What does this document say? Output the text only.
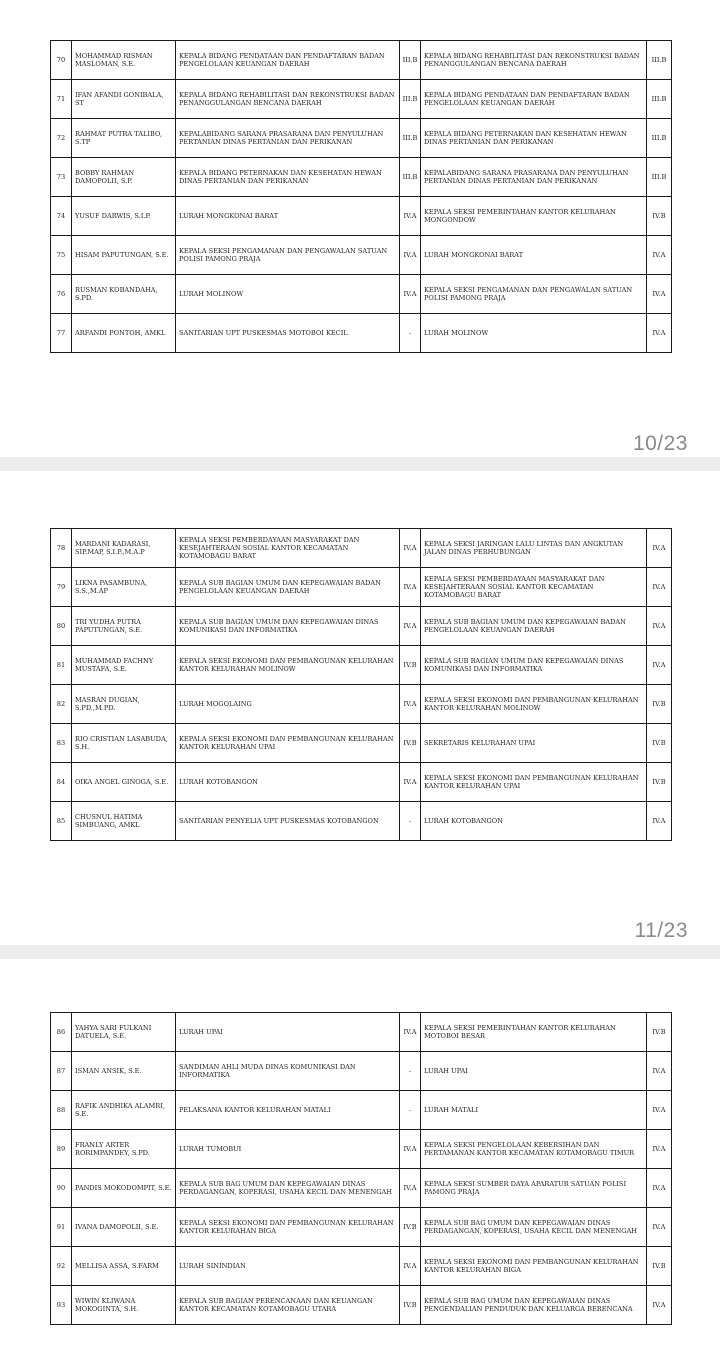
70	MOHAMMAD RISMAN MASLOMAN, S.E.	KEPALA BIDANG PENDATAAN DAN PENDAFTARAN BADAN PENGELOLAAN KEUANGAN DAERAH	III.B	KEPALA BIDANG REHABILITASI DAN REKONSTRUKSI BADAN PENANGGULANGAN BENCANA DAERAH	III.B
71	IFAN AFANDI GONIBALA, ST	KEPALA BIDANG REHABILITASI DAN REKONSTRUKSI BADAN PENANGGULANGAN BENCANA DAERAH	III.B	KEPALA BIDANG PENDATAAN DAN PENDAFTARAN BADAN PENGELOLAAN KEUANGAN DAERAH	III.B
72	RAHMAT PUTRA TALIBO, S.TP	KEPALABIDANG SARANA PRASARANA DAN PENYULUHAN PERTANIAN DINAS PERTANIAN DAN PERIKANAN	III.B	KEPALA BIDANG PETERNAKAN DAN KESEHATAN HEWAN DINAS PERTANIAN DAN PERIKANAN	III.B
73	BOBBY RAHMAN DAMOPOLII, S.P.	KEPALA BIDANG PETERNAKAN DAN KESEHATAN HEWAN DINAS PERTANIAN DAN PERIKANAN	III.B	KEPALABIDANG SARANA PRASARANA DAN PENYULUHAN PERTANIAN DINAS PERTANIAN DAN PERIKANAN	III.B
74	YUSUF DARWIS, S.I.P.	LURAH MONGKONAI BARAT	IV.A	KEPALA SEKSI PEMERINTAHAN KANTOR KELURAHAN MONGONDOW	IV.B
75	HISAM PAPUTUNGAN, S.E.	KEPALA SEKSI PENGAMANAN DAN PENGAWALAN SATUAN POLISI PAMONG PRAJA	IV.A	LURAH MONGKONAI BARAT	IV.A
76	RUSMAN KOBANDAHA, S.PD.	LURAH MOLINOW	IV.A	KEPALA SEKSI PENGAMANAN DAN PENGAWALAN SATUAN POLISI PAMONG PRAJA	IV.A
77	ARFANDI PONTOH, AMKL	SANITARIAN UPT PUSKESMAS MOTOBOI KECIL	-	LURAH MOLINOW	IV.A
10/23
78	MARDANI KADARASI, SIP.MAP, S.I.P.,M.A.P	KEPALA SEKSI PEMBERDAYAAN MASYARAKAT DAN KESEJAHTERAAN SOSIAL KANTOR KECAMATAN KOTAMOBAGU BARAT	IV.A	KEPALA SEKSI JARINGAN LALU LINTAS DAN ANGKUTAN JALAN DINAS PERHUBUNGAN	IV.A
79	LIKNA PASAMBUNA, S.S.,M.AP	KEPALA SUB BAGIAN UMUM DAN KEPEGAWAIAN BADAN PENGELOLAAN KEUANGAN DAERAH	IV.A	KEPALA SEKSI PEMBERDAYAAN MASYARAKAT DAN KESEJAHTERAAN SOSIAL KANTOR KECAMATAN KOTAMOBAGU BARAT	IV.A
80	TRI YUDHA PUTRA PAPUTUNGAN, S.E.	KEPALA SUB BAGIAN UMUM DAN KEPEGAWAIAN DINAS KOMUNIKASI DAN INFORMATIKA	IV.A	KEPALA SUB BAGIAN UMUM DAN KEPEGAWAIAN BADAN PENGELOLAAN KEUANGAN DAERAH	IV.A
81	MUHAMMAD FACHNY MUSTAFA, S.E.	KEPALA SEKSI EKONOMI DAN PEMBANGUNAN KELURAHAN KANTOR KELURAHAN MOLINOW	IV.B	KEPALA SUB BAGIAN UMUM DAN KEPEGAWAIAN DINAS KOMUNIKASI DAN INFORMATIKA	IV.A
82	MASRAN DUGIAN, S.PD.,M.PD.	LURAH MOGOLAING	IV.A	KEPALA SEKSI EKONOMI DAN PEMBANGUNAN KELURAHAN KANTOR KELURAHAN MOLINOW	IV.B
83	RIO CRISTIAN LASABUDA, S.H.	KEPALA SEKSI EKONOMI DAN PEMBANGUNAN KELURAHAN KANTOR KELURAHAN UPAI	IV.B	SEKRETARIS KELURAHAN UPAI	IV.B
84	OIKA ANGEL GINOGA, S.E.	LURAH KOTOBANGON	IV.A	KEPALA SEKSI EKONOMI DAN PEMBANGUNAN KELURAHAN KANTOR KELURAHAN UPAI	IV.B
85	CHUSNUL HATIMA SIMBUANG, AMKL	SANITARIAN PENYELIA UPT PUSKESMAS KOTOBANGON	-	LURAH KOTOBANGON	IV.A
11/23
86	YAHYA SARI FULKANI DATUELA, S.E.	LURAH UPAI	IV.A	KEPALA SEKSI PEMERINTAHAN KANTOR KELURAHAN MOTOBOI BESAR	IV.B
87	ISMAN ANSIK, S.E.	SANDIMAN AHLI MUDA DINAS KOMUNIKASI DAN INFORMATIKA	-	LURAH UPAI	IV.A
88	RAFIK ANDHIKA ALAMRI, S.E.	PELAKSANA KANTOR KELURAHAN MATALI	-	LURAH MATALI	IV.A
89	FRANLY ARTER RORIMPANDEY, S.PD.	LURAH TUMOBUI	IV.A	KEPALA SEKSI PENGELOLAAN KEBERSIHAN DAN PERTAMANAN KANTOR KECAMATAN KOTAMOBAGU TIMUR	IV.A
90	PANDIS MOKODOMPIT, S.E.	KEPALA SUB BAG UMUM DAN KEPEGAWAIAN DINAS PERDAGANGAN, KOPERASI, USAHA KECIL DAN MENENGAH	IV.A	KEPALA SEKSI SUMBER DAYA APARATUR SATUAN POLISI PAMONG PRAJA	IV.A
91	IVANA DAMOPOLII, S.E.	KEPALA SEKSI EKONOMI DAN PEMBANGUNAN KELURAHAN KANTOR KELURAHAN BIGA	IV.B	KEPALA SUB BAG UMUM DAN KEPEGAWAIAN DINAS PERDAGANGAN, KOPERASI, USAHA KECIL DAN MENENGAH	IV.A
92	MELLISA ASSA, S.FARM	LURAH SININDIAN	IV.A	KEPALA SEKSI EKONOMI DAN PEMBANGUNAN KELURAHAN KANTOR KELURAHAN BIGA	IV.B
93	WIWIN KLIWANA MOKOGINTA, S.H.	KEPALA SUB BAGIAN PERENCANAAN DAN KEUANGAN KANTOR KECAMATAN KOTAMOBAGU UTARA	IV.B	KEPALA SUB BAG UMUM DAN KEPEGAWAIAN DINAS PENGENDALIAN PENDUDUK DAN KELUARGA BERENCANA	IV.A
